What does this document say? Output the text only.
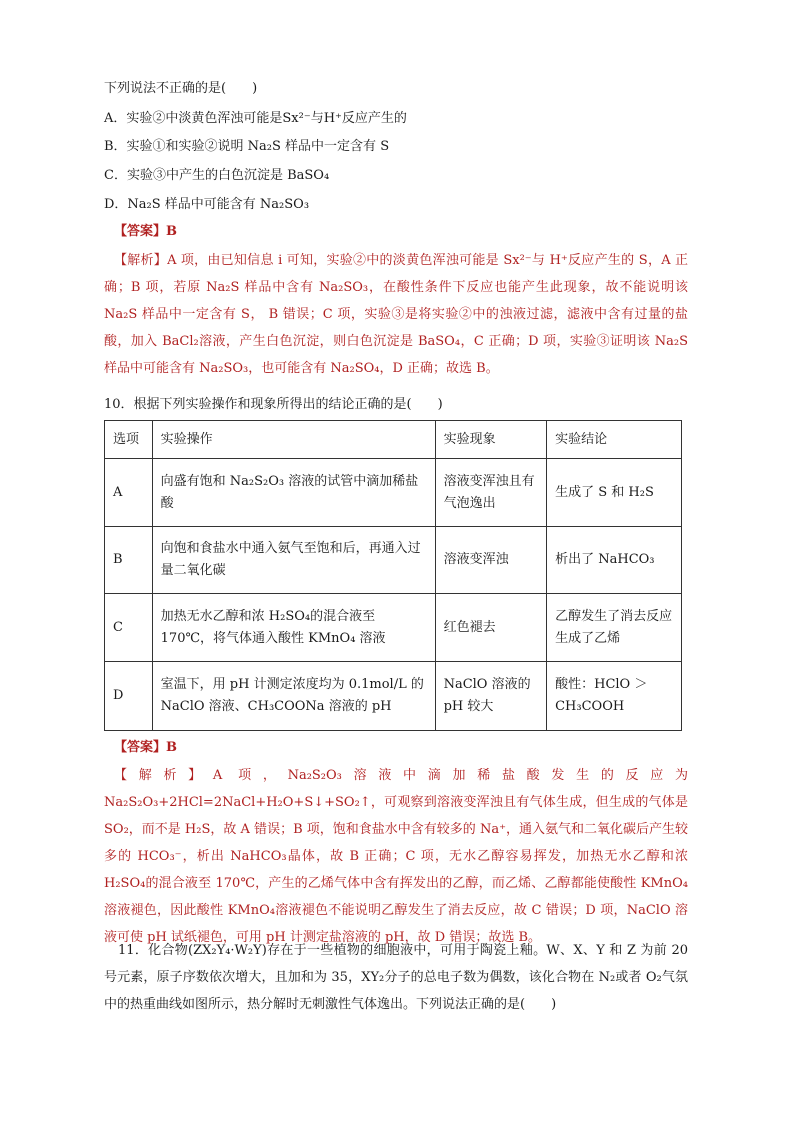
下列说法不正确的是(　　)
A．实验②中淡黄色浑浊可能是Sx²⁻与H⁺反应产生的
B．实验①和实验②说明 Na₂S 样品中一定含有 S
C．实验③中产生的白色沉淀是 BaSO₄
D．Na₂S 样品中可能含有 Na₂SO₃
【答案】B
【解析】A 项，由已知信息 i 可知，实验②中的淡黄色浑浊可能是 Sx²⁻与 H⁺反应产生的 S，A 正确；B 项，若原 Na₂S 样品中含有 Na₂SO₃，在酸性条件下反应也能产生此现象，故不能说明该 Na₂S 样品中一定含有 S， B 错误；C 项，实验③是将实验②中的浊液过滤，滤液中含有过量的盐酸，加入 BaCl₂溶液，产生白色沉淀，则白色沉淀是 BaSO₄，C 正确；D 项，实验③证明该 Na₂S 样品中可能含有 Na₂SO₃，也可能含有 Na₂SO₄，D 正确；故选 B。
10．根据下列实验操作和现象所得出的结论正确的是(　　)
选项	实验操作	实验现象	实验结论
A	向盛有饱和 Na₂S₂O₃ 溶液的试管中滴加稀盐酸	溶液变浑浊且有气泡逸出	生成了 S 和 H₂S
B	向饱和食盐水中通入氨气至饱和后，再通入过量二氧化碳	溶液变浑浊	析出了 NaHCO₃
C	加热无水乙醇和浓 H₂SO₄的混合液至 170℃，将气体通入酸性 KMnO₄ 溶液	红色褪去	乙醇发生了消去反应生成了乙烯
D	室温下，用 pH 计测定浓度均为 0.1mol/L 的 NaClO 溶液、CH₃COONa 溶液的 pH	NaClO 溶液的 pH 较大	酸性：HClO ＞ CH₃COOH
【答案】B
【解析】A 项，Na₂S₂O₃溶液中滴加稀盐酸发生的反应为 Na₂S₂O₃+2HCl=2NaCl+H₂O+S↓+SO₂↑，可观察到溶液变浑浊且有气体生成，但生成的气体是 SO₂，而不是 H₂S，故 A 错误；B 项，饱和食盐水中含有较多的 Na⁺，通入氨气和二氧化碳后产生较多的 HCO₃⁻，析出 NaHCO₃晶体，故 B 正确；C 项，无水乙醇容易挥发，加热无水乙醇和浓 H₂SO₄的混合液至 170℃，产生的乙烯气体中含有挥发出的乙醇，而乙烯、乙醇都能使酸性 KMnO₄溶液褪色，因此酸性 KMnO₄溶液褪色不能说明乙醇发生了消去反应，故 C 错误；D 项，NaClO 溶液可使 pH 试纸褪色，可用 pH 计测定盐溶液的 pH，故 D 错误；故选 B。
11．化合物(ZX₂Y₄·W₂Y)存在于一些植物的细胞液中，可用于陶瓷上釉。W、X、Y 和 Z 为前 20 号元素，原子序数依次增大，且加和为 35，XY₂分子的总电子数为偶数，该化合物在 N₂或者 O₂气氛中的热重曲线如图所示，热分解时无刺激性气体逸出。下列说法正确的是(　　)
